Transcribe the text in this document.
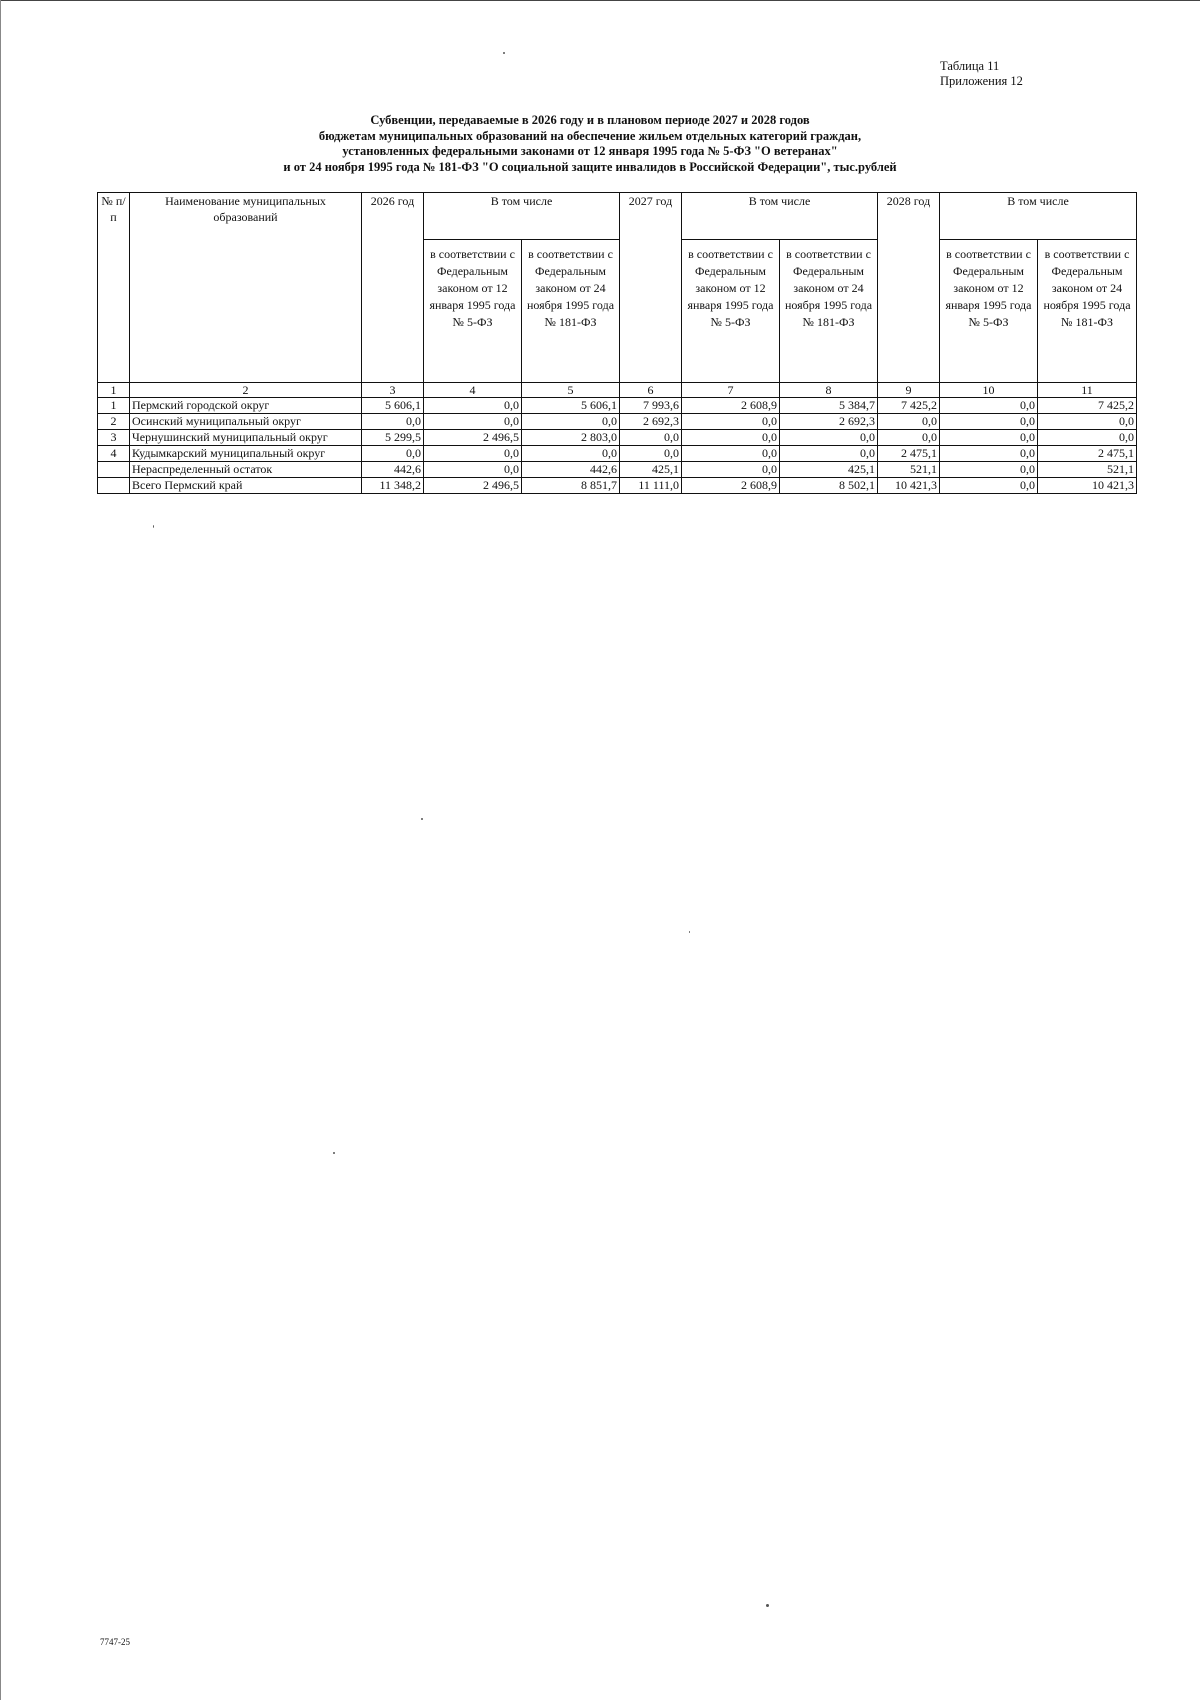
Таблица 11
Приложения 12
Субвенции, передаваемые в 2026 году и в плановом периоде 2027 и 2028 годов
бюджетам муниципальных образований на обеспечение жильем отдельных категорий граждан,
установленных федеральными законами от 12 января 1995 года № 5-ФЗ "О ветеранах"
и от 24 ноября 1995 года № 181-ФЗ "О социальной защите инвалидов в Российской Федерации", тыс.рублей
№ п/п	Наименование муниципальных образований	2026 год	В том числе		2027 год	В том числе		2028 год	В том числе	
			в соответствии с Федеральным законом от 12 января 1995 года № 5-ФЗ	в соответствии с Федеральным законом от 24 ноября 1995 года № 181-ФЗ		в соответствии с Федеральным законом от 12 января 1995 года № 5-ФЗ	в соответствии с Федеральным законом от 24 ноября 1995 года № 181-ФЗ		в соответствии с Федеральным законом от 12 января 1995 года № 5-ФЗ	в соответствии с Федеральным законом от 24 ноября 1995 года № 181-ФЗ
1	2	3	4	5	6	7	8	9	10	11
1	Пермский городской округ	5 606,1	0,0	5 606,1	7 993,6	2 608,9	5 384,7	7 425,2	0,0	7 425,2
2	Осинский муниципальный округ	0,0	0,0	0,0	2 692,3	0,0	2 692,3	0,0	0,0	0,0
3	Чернушинский муниципальный округ	5 299,5	2 496,5	2 803,0	0,0	0,0	0,0	0,0	0,0	0,0
4	Кудымкарский муниципальный округ	0,0	0,0	0,0	0,0	0,0	0,0	2 475,1	0,0	2 475,1
	Нераспределенный остаток	442,6	0,0	442,6	425,1	0,0	425,1	521,1	0,0	521,1
	Всего Пермский край	11 348,2	2 496,5	8 851,7	11 111,0	2 608,9	8 502,1	10 421,3	0,0	10 421,3
7747-25
